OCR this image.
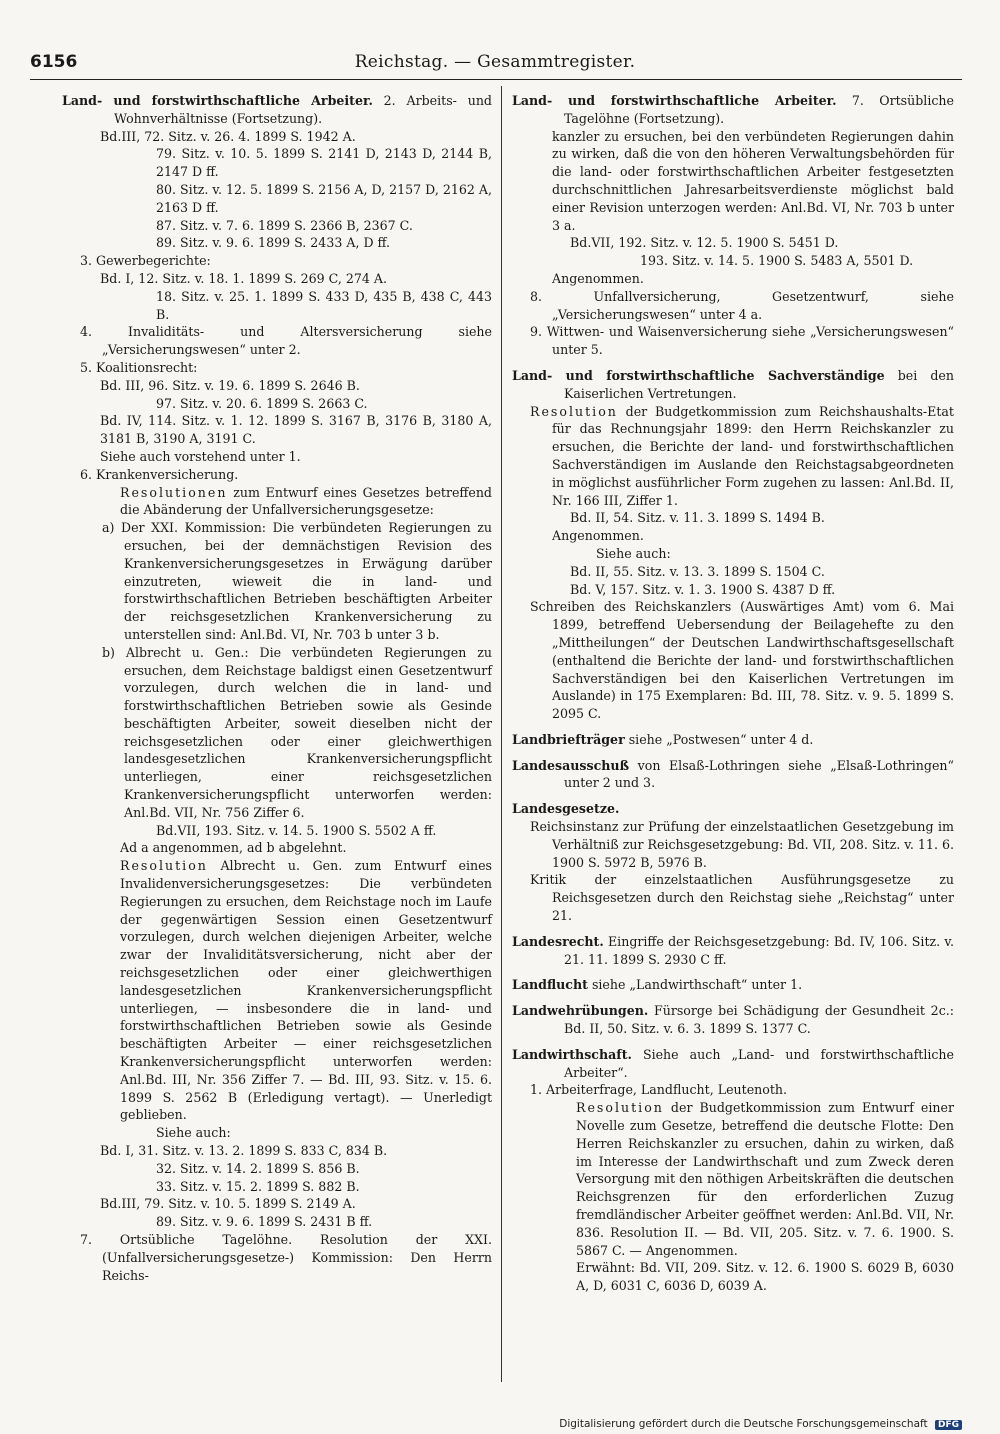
6156	Reichstag. — Gesammtregister.

Land- und forstwirthschaftliche Arbeiter. 2. Arbeits- und Wohnverhältnisse (Fortsetzung).

Bd.III, 72. Sitz. v. 26. 4. 1899 S. 1942 A.

79. Sitz. v. 10. 5. 1899 S. 2141 D, 2143 D, 2144 B, 2147 D ff.

80. Sitz. v. 12. 5. 1899 S. 2156 A, D, 2157 D, 2162 A, 2163 D ff.

87. Sitz. v. 7. 6. 1899 S. 2366 B, 2367 C.

89. Sitz. v. 9. 6. 1899 S. 2433 A, D ff.

3. Gewerbegerichte:

Bd. I, 12. Sitz. v. 18. 1. 1899 S. 269 C, 274 A.

18. Sitz. v. 25. 1. 1899 S. 433 D, 435 B, 438 C, 443 B.

4. Invaliditäts- und Altersversicherung siehe „Versicherungswesen“ unter 2.

5. Koalitionsrecht:

Bd. III, 96. Sitz. v. 19. 6. 1899 S. 2646 B.

97. Sitz. v. 20. 6. 1899 S. 2663 C.

Bd. IV, 114. Sitz. v. 1. 12. 1899 S. 3167 B, 3176 B, 3180 A, 3181 B, 3190 A, 3191 C.

Siehe auch vorstehend unter 1.

6. Krankenversicherung.

Resolutionen zum Entwurf eines Gesetzes betreffend die Abänderung der Unfallversicherungsgesetze:

a) Der XXI. Kommission: Die verbündeten Regierungen zu ersuchen, bei der demnächstigen Revision des Krankenversicherungsgesetzes in Erwägung darüber einzutreten, wieweit die in land- und forstwirthschaftlichen Betrieben beschäftigten Arbeiter der reichsgesetzlichen Krankenversicherung zu unterstellen sind: Anl.Bd. VI, Nr. 703 b unter 3 b.

b) Albrecht u. Gen.: Die verbündeten Regierungen zu ersuchen, dem Reichstage baldigst einen Gesetzentwurf vorzulegen, durch welchen die in land- und forstwirthschaftlichen Betrieben sowie als Gesinde beschäftigten Arbeiter, soweit dieselben nicht der reichsgesetzlichen oder einer gleichwerthigen landesgesetzlichen Krankenversicherungspflicht unterliegen, einer reichsgesetzlichen Krankenversicherungspflicht unterworfen werden: Anl.Bd. VII, Nr. 756 Ziffer 6.

Bd.VII, 193. Sitz. v. 14. 5. 1900 S. 5502 A ff.

Ad a angenommen, ad b abgelehnt.

Resolution Albrecht u. Gen. zum Entwurf eines Invalidenversicherungsgesetzes: Die verbündeten Regierungen zu ersuchen, dem Reichstage noch im Laufe der gegenwärtigen Session einen Gesetzentwurf vorzulegen, durch welchen diejenigen Arbeiter, welche zwar der Invaliditätsversicherung, nicht aber der reichsgesetzlichen oder einer gleichwerthigen landesgesetzlichen Krankenversicherungspflicht unterliegen, — insbesondere die in land- und forstwirthschaftlichen Betrieben sowie als Gesinde beschäftigten Arbeiter — einer reichsgesetzlichen Krankenversicherungspflicht unterworfen werden: Anl.Bd. III, Nr. 356 Ziffer 7. — Bd. III, 93. Sitz. v. 15. 6. 1899 S. 2562 B (Erledigung vertagt). — Unerledigt geblieben.

Siehe auch:

Bd. I, 31. Sitz. v. 13. 2. 1899 S. 833 C, 834 B.

32. Sitz. v. 14. 2. 1899 S. 856 B.

33. Sitz. v. 15. 2. 1899 S. 882 B.

Bd.III, 79. Sitz. v. 10. 5. 1899 S. 2149 A.

89. Sitz. v. 9. 6. 1899 S. 2431 B ff.

7. Ortsübliche Tagelöhne. Resolution der XXI. (Unfallversicherungsgesetze-) Kommission: Den Herrn Reichs-

Land- und forstwirthschaftliche Arbeiter. 7. Ortsübliche Tagelöhne (Fortsetzung).

kanzler zu ersuchen, bei den verbündeten Regierungen dahin zu wirken, daß die von den höheren Verwaltungsbehörden für die land- oder forstwirthschaftlichen Arbeiter festgesetzten durchschnittlichen Jahresarbeitsverdienste möglichst bald einer Revision unterzogen werden: Anl.Bd. VI, Nr. 703 b unter 3 a.

Bd.VII, 192. Sitz. v. 12. 5. 1900 S. 5451 D.

193. Sitz. v. 14. 5. 1900 S. 5483 A, 5501 D.

Angenommen.

8. Unfallversicherung, Gesetzentwurf, siehe „Versicherungswesen“ unter 4 a.

9. Wittwen- und Waisenversicherung siehe „Versicherungswesen“ unter 5.

Land- und forstwirthschaftliche Sachverständige bei den Kaiserlichen Vertretungen.

Resolution der Budgetkommission zum Reichshaushalts-Etat für das Rechnungsjahr 1899: den Herrn Reichskanzler zu ersuchen, die Berichte der land- und forstwirthschaftlichen Sachverständigen im Auslande den Reichstagsabgeordneten in möglichst ausführlicher Form zugehen zu lassen: Anl.Bd. II, Nr. 166 III, Ziffer 1.

Bd. II, 54. Sitz. v. 11. 3. 1899 S. 1494 B.

Angenommen.

Siehe auch:

Bd. II, 55. Sitz. v. 13. 3. 1899 S. 1504 C.

Bd. V, 157. Sitz. v. 1. 3. 1900 S. 4387 D ff.

Schreiben des Reichskanzlers (Auswärtiges Amt) vom 6. Mai 1899, betreffend Uebersendung der Beilagehefte zu den „Mittheilungen“ der Deutschen Landwirthschaftsgesellschaft (enthaltend die Berichte der land- und forstwirthschaftlichen Sachverständigen bei den Kaiserlichen Vertretungen im Auslande) in 175 Exemplaren: Bd. III, 78. Sitz. v. 9. 5. 1899 S. 2095 C.

Landbriefträger siehe „Postwesen“ unter 4 d.

Landesausschuß von Elsaß-Lothringen siehe „Elsaß-Lothringen“ unter 2 und 3.

Landesgesetze.

Reichsinstanz zur Prüfung der einzelstaatlichen Gesetzgebung im Verhältniß zur Reichsgesetzgebung: Bd. VII, 208. Sitz. v. 11. 6. 1900 S. 5972 B, 5976 B.

Kritik der einzelstaatlichen Ausführungsgesetze zu Reichsgesetzen durch den Reichstag siehe „Reichstag“ unter 21.

Landesrecht. Eingriffe der Reichsgesetzgebung: Bd. IV, 106. Sitz. v. 21. 11. 1899 S. 2930 C ff.

Landflucht siehe „Landwirthschaft“ unter 1.

Landwehrübungen. Fürsorge bei Schädigung der Gesundheit 2c.: Bd. II, 50. Sitz. v. 6. 3. 1899 S. 1377 C.

Landwirthschaft. Siehe auch „Land- und forstwirthschaftliche Arbeiter“.

1. Arbeiterfrage, Landflucht, Leutenoth.

Resolution der Budgetkommission zum Entwurf einer Novelle zum Gesetze, betreffend die deutsche Flotte: Den Herren Reichskanzler zu ersuchen, dahin zu wirken, daß im Interesse der Landwirthschaft und zum Zweck deren Versorgung mit den nöthigen Arbeitskräften die deutschen Reichsgrenzen für den erforderlichen Zuzug fremdländischer Arbeiter geöffnet werden: Anl.Bd. VII, Nr. 836. Resolution II. — Bd. VII, 205. Sitz. v. 7. 6. 1900. S. 5867 C. — Angenommen.

Erwähnt: Bd. VII, 209. Sitz. v. 12. 6. 1900 S. 6029 B, 6030 A, D, 6031 C, 6036 D, 6039 A.

Digitalisierung gefördert durch die Deutsche Forschungsgemeinschaft DFG
